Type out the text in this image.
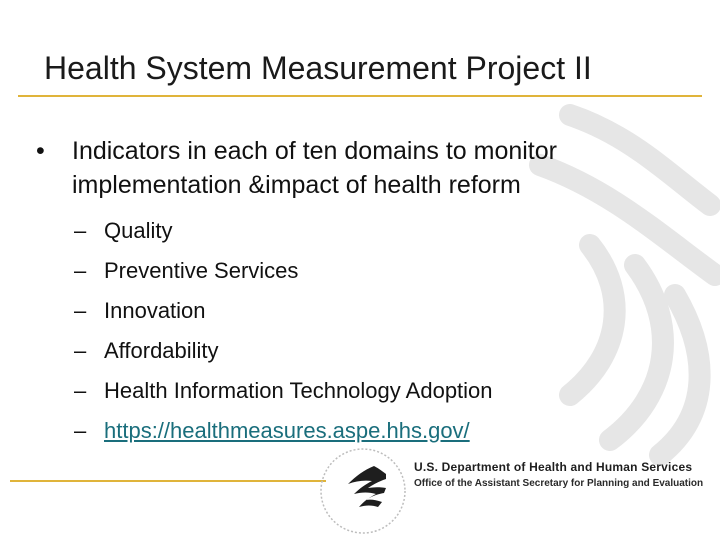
Health System Measurement Project II
• Indicators in each of ten domains to monitor implementation &impact of health reform
– Quality
– Preventive Services
– Innovation
– Affordability
– Health Information Technology Adoption
– https://healthmeasures.aspe.hhs.gov/
U.S. Department of Health and Human Services
Office of the Assistant Secretary for Planning and Evaluation
